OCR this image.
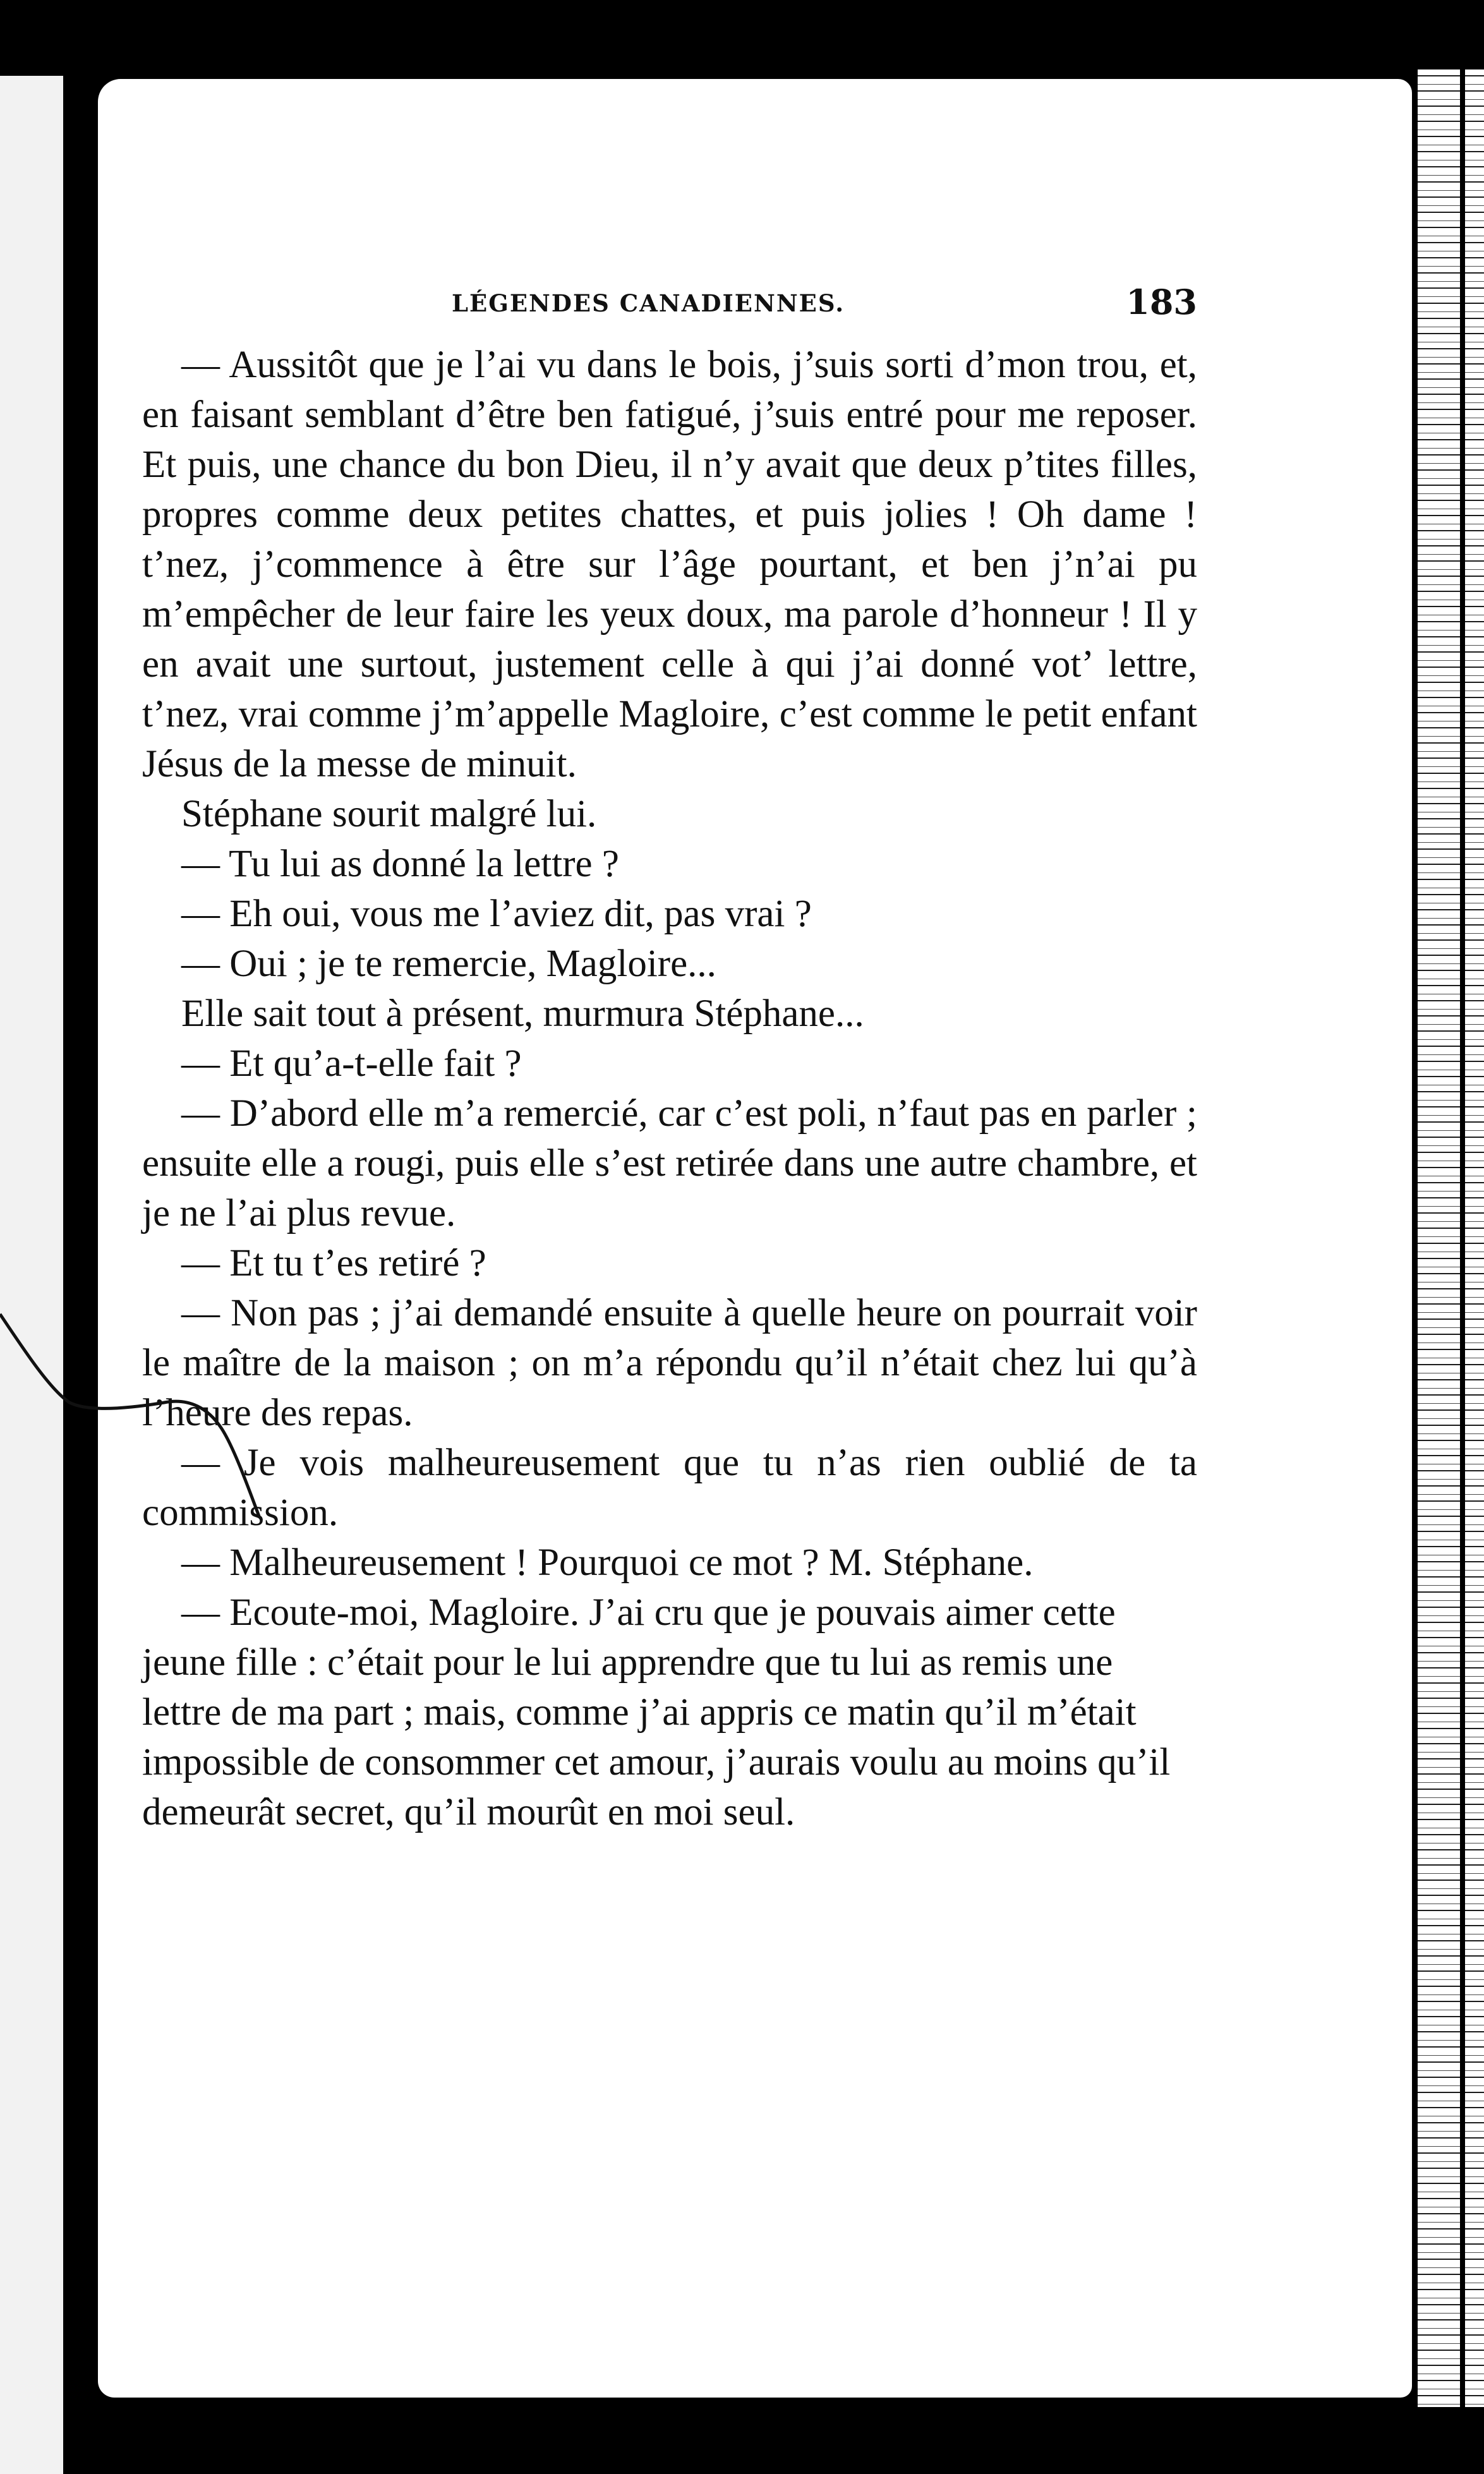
LÉGENDES CANADIENNES.	183

— Aussitôt que je l’ai vu dans le bois, j’suis sorti d’mon trou, et, en faisant semblant d’être ben fatigué, j’suis entré pour me reposer. Et puis, une chance du bon Dieu, il n’y avait que deux p’tites filles, propres comme deux petites chattes, et puis jolies ! Oh dame ! t’nez, j’commence à être sur l’âge pourtant, et ben j’n’ai pu m’empêcher de leur faire les yeux doux, ma parole d’honneur ! Il y en avait une surtout, justement celle à qui j’ai donné vot’ lettre, t’nez, vrai comme j’m’appelle Magloire, c’est comme le petit enfant Jésus de la messe de minuit.

Stéphane sourit malgré lui.

— Tu lui as donné la lettre ?

— Eh oui, vous me l’aviez dit, pas vrai ?

— Oui ; je te remercie, Magloire...

Elle sait tout à présent, murmura Stéphane...

— Et qu’a-t-elle fait ?

— D’abord elle m’a remercié, car c’est poli, n’faut pas en parler ; ensuite elle a rougi, puis elle s’est retirée dans une autre chambre, et je ne l’ai plus revue.

— Et tu t’es retiré ?

— Non pas ; j’ai demandé ensuite à quelle heure on pourrait voir le maître de la maison ; on m’a répondu qu’il n’était chez lui qu’à l’heure des repas.

— Je vois malheureusement que tu n’as rien oublié de ta commission.

— Malheureusement ! Pourquoi ce mot ? M. Stéphane.

— Ecoute-moi, Magloire. J’ai cru que je pouvais aimer cette jeune fille : c’était pour le lui apprendre que tu lui as remis une lettre de ma part ; mais, comme j’ai appris ce matin qu’il m’était impossible de consommer cet amour, j’aurais voulu au moins qu’il demeurât secret, qu’il mourût en moi seul.
